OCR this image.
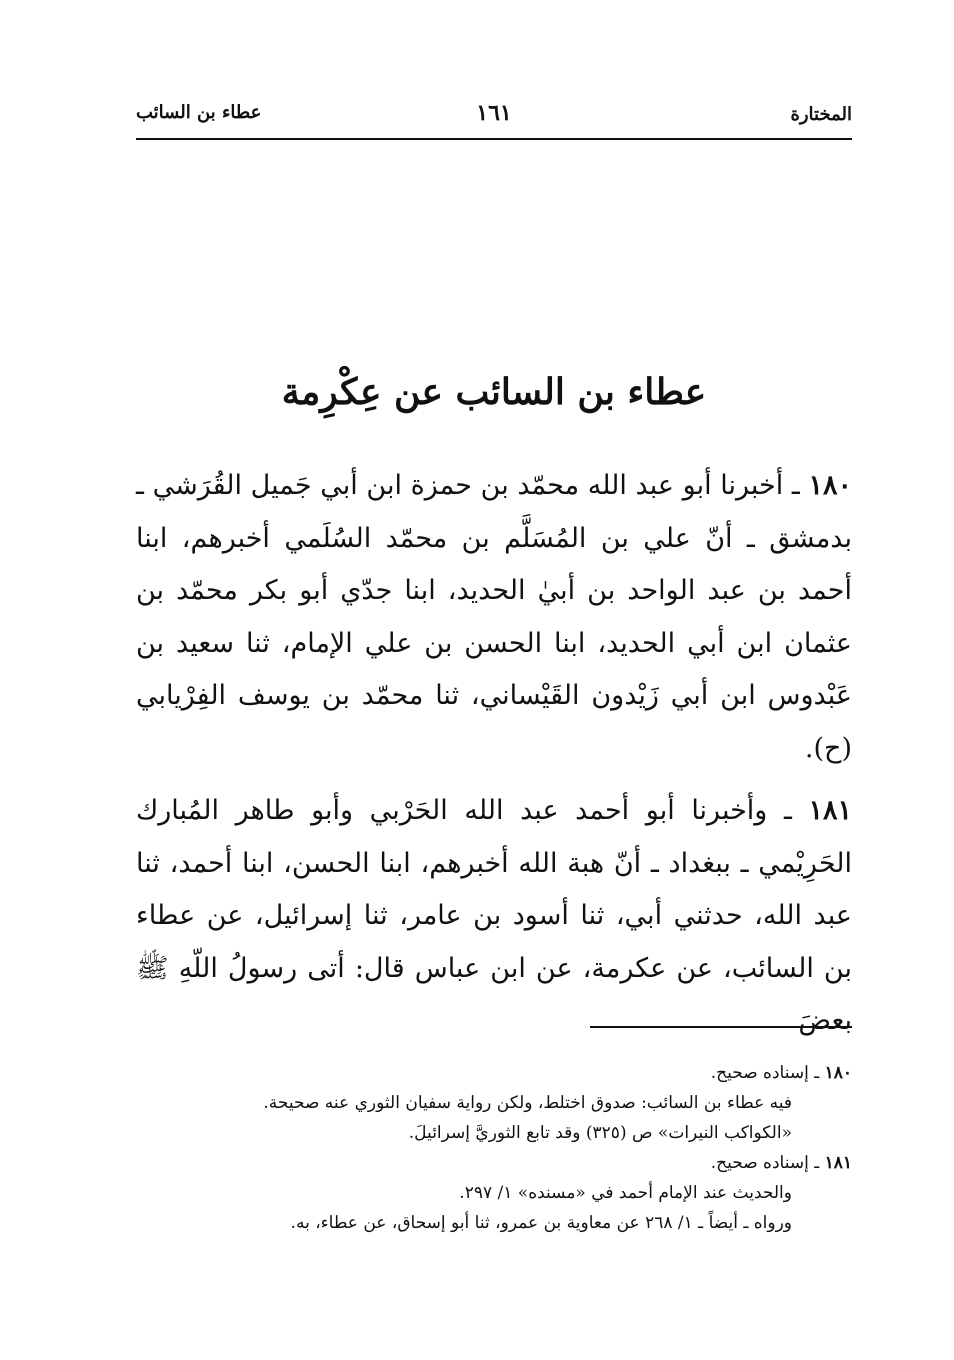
المختارة
١٦١
عطاء بن السائب
عطاء بن السائب عن عِكْرِمة

١٨٠ ـ أخبرنا أبو عبد الله محمّد بن حمزة ابن أبي جَميل القُرَشي ـ بدمشق ـ أنّ علي بن المُسَلَّم بن محمّد السُلَمي أخبرهم، ابنا أحمد بن عبد الواحد بن أبيٰ الحديد، ابنا جدّي أبو بكر محمّد بن عثمان ابن أبي الحديد، ابنا الحسن بن علي الإمام، ثنا سعيد بن عَبْدوس ابن أبي زَيْدون القَيْساني، ثنا محمّد بن يوسف الفِرْيابي (ح).

١٨١ ـ وأخبرنا أبو أحمد عبد الله الحَرْبي وأبو طاهر المُبارك الحَرِيْمي ـ ببغداد ـ أنّ هبة الله أخبرهم، ابنا الحسن، ابنا أحمد، ثنا عبد الله، حدثني أبي، ثنا أسود بن عامر، ثنا إسرائيل، عن عطاء بن السائب، عن عكرمة، عن ابن عباس قال: أتى رسولُ اللّهِ ﷺ بعضَ

١٨٠ ـ إسناده صحيح.

فيه عطاء بن السائب: صدوق اختلط، ولكن رواية سفيان الثوري عنه صحيحة.

«الكواكب النيرات» ص (٣٢٥) وقد تابع الثوريَّ إسرائيلَ.

١٨١ ـ إسناده صحيح.

والحديث عند الإمام أحمد في «مسنده» ١/ ٢٩٧.

ورواه ـ أيضاً ـ ١/ ٢٦٨ عن معاوية بن عمرو، ثنا أبو إسحاق، عن عطاء، به.
